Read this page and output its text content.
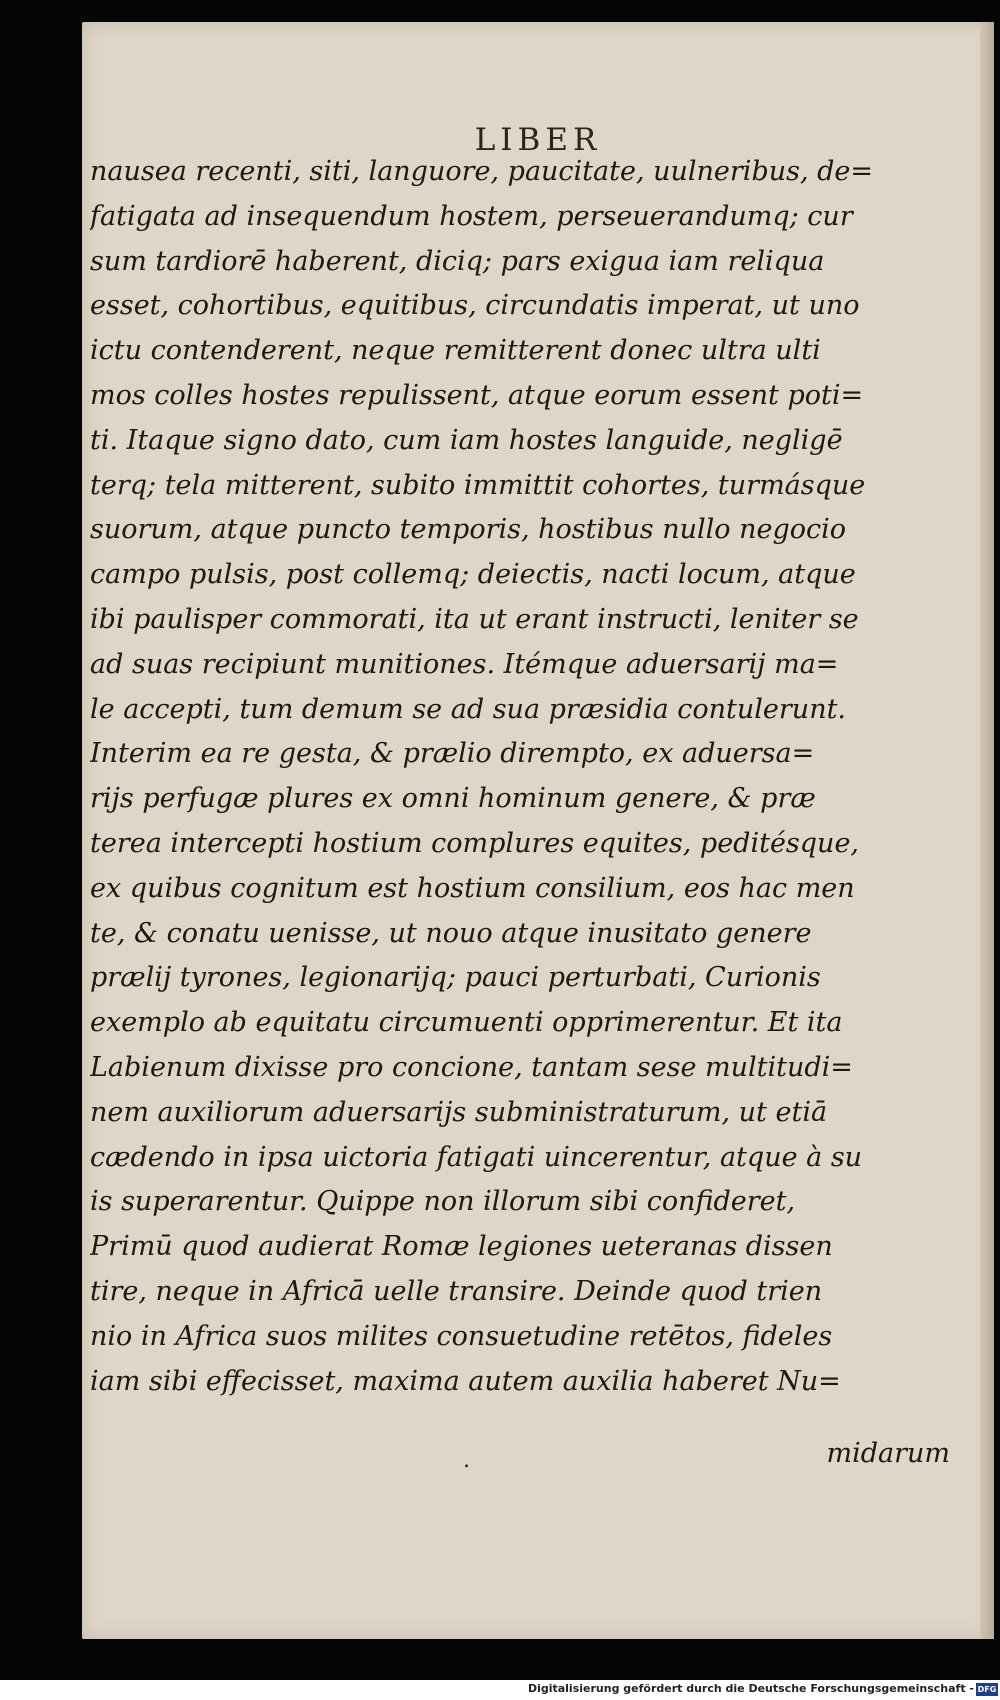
LIBER
nausea recenti, siti, languore, paucitate, uulneribus, de=
fatigata ad insequendum hostem, perseuerandumq; cur
sum tardiorē haberent, diciq; pars exigua iam reliqua
esset, cohortibus, equitibus, circundatis imperat, ut uno
ictu contenderent, neque remitterent donec ultra ulti
mos colles hostes repulissent, atque eorum essent poti=
ti. Itaque signo dato, cum iam hostes languide, negligē
terq; tela mitterent, subito immittit cohortes, turmásque
suorum, atque puncto temporis, hostibus nullo negocio
campo pulsis, post collemq; deiectis, nacti locum, atque
ibi paulisper commorati, ita ut erant instructi, leniter se
ad suas recipiunt munitiones. Itémque aduersarij ma=
le accepti, tum demum se ad sua præsidia contulerunt.
Interim ea re gesta, & prælio dirempto, ex aduersa=
rijs perfugæ plures ex omni hominum genere, & præ
terea intercepti hostium complures equites, peditésque,
ex quibus cognitum est hostium consilium, eos hac men
te, & conatu uenisse, ut nouo atque inusitato genere
prælij tyrones, legionarijq; pauci perturbati, Curionis
exemplo ab equitatu circumuenti opprimerentur. Et ita
Labienum dixisse pro concione, tantam sese multitudi=
nem auxiliorum aduersarijs subministraturum, ut etiā
cædendo in ipsa uictoria fatigati uincerentur, atque à su
is superarentur. Quippe non illorum sibi confideret,
Primū quod audierat Romæ legiones ueteranas dissen
tire, neque in Africā uelle transire. Deinde quod trien
nio in Africa suos milites consuetudine retētos, fideles
iam sibi effecisset, maxima autem auxilia haberet Nu=
.	midarum
Digitalisierung gefördert durch die Deutsche Forschungsgemeinschaft - DFG
